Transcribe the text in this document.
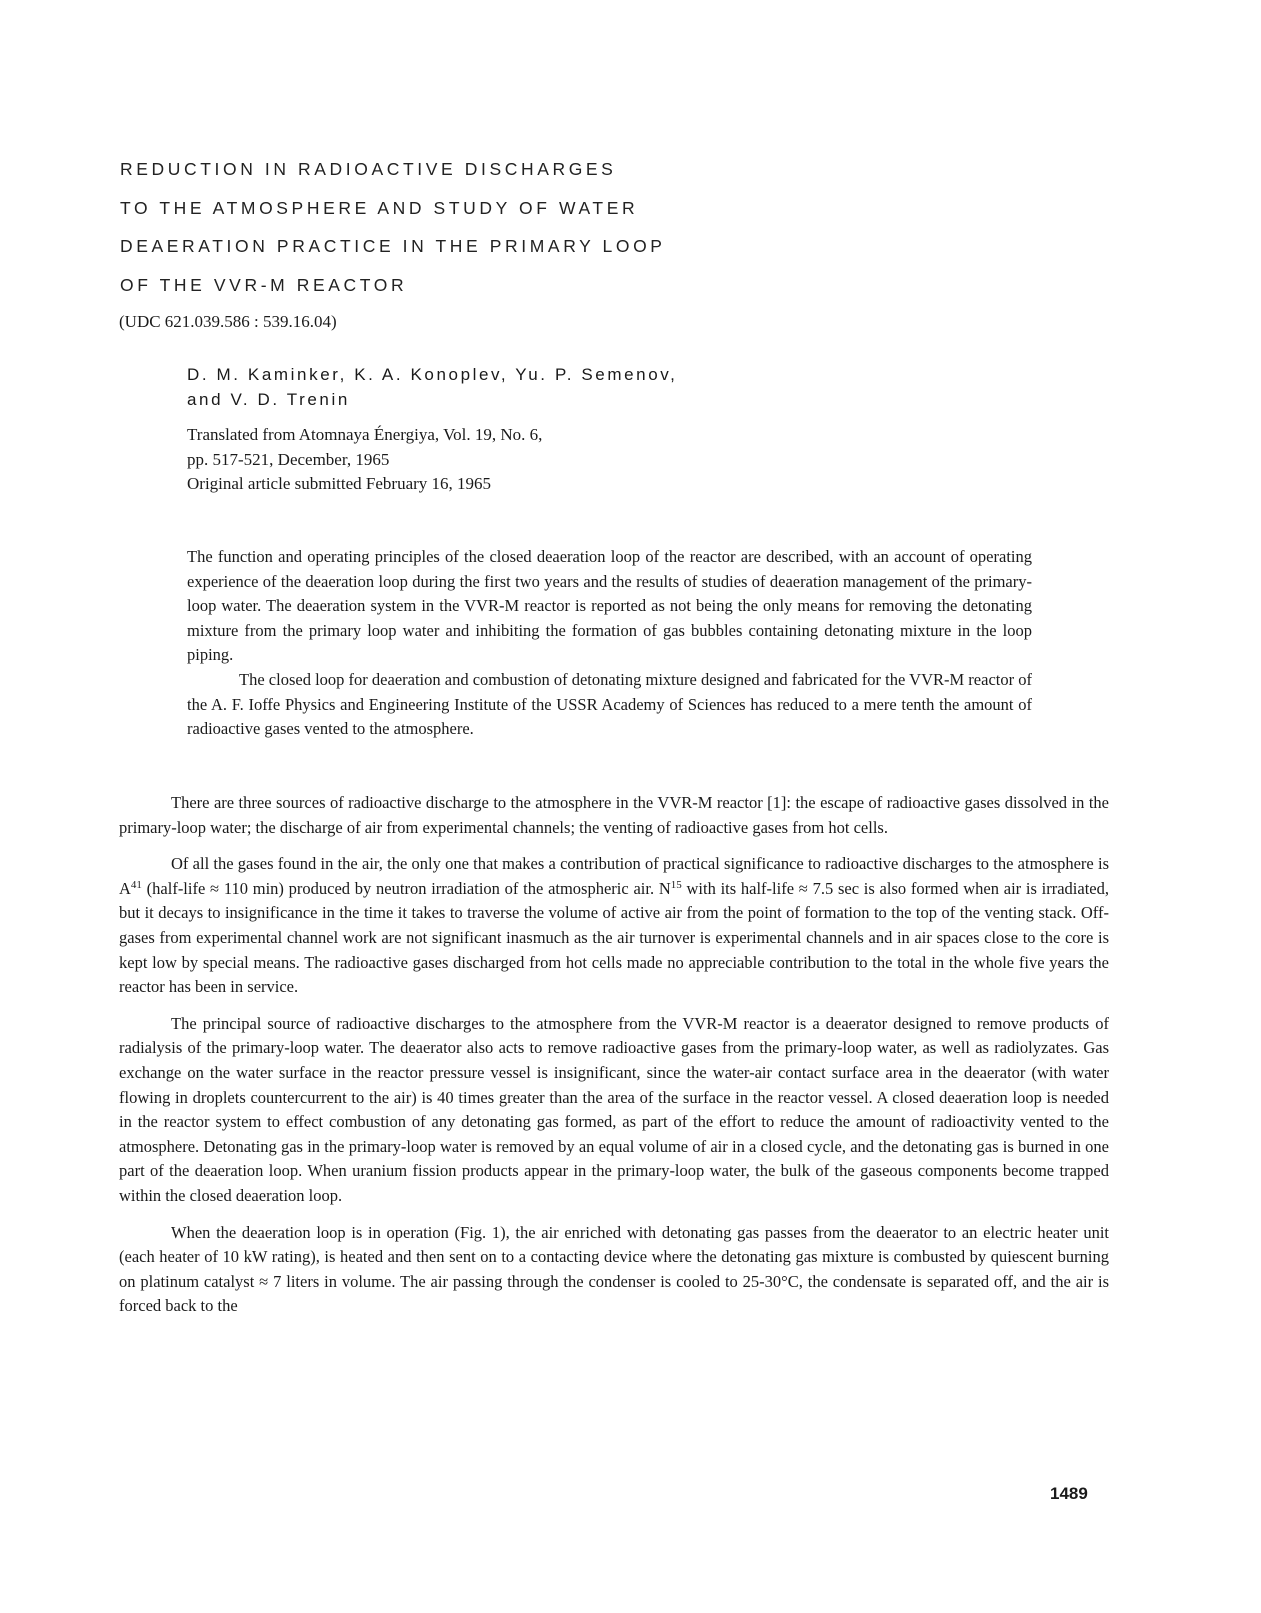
REDUCTION IN RADIOACTIVE DISCHARGES
TO THE ATMOSPHERE AND STUDY OF WATER
DEAERATION PRACTICE IN THE PRIMARY LOOP
OF THE VVR-M REACTOR
(UDC 621.039.586 : 539.16.04)
D. M. Kaminker, K. A. Konoplev, Yu. P. Semenov,
and V. D. Trenin
Translated from Atomnaya Énergiya, Vol. 19, No. 6,
pp. 517-521, December, 1965
Original article submitted February 16, 1965

The function and operating principles of the closed deaeration loop of the reactor are described, with an account of operating experience of the deaeration loop during the first two years and the results of studies of deaeration management of the primary-loop water. The deaeration system in the VVR-M reactor is reported as not being the only means for removing the detonating mixture from the primary loop water and inhibiting the formation of gas bubbles containing detonating mixture in the loop piping.

The closed loop for deaeration and combustion of detonating mixture designed and fabricated for the VVR-M reactor of the A. F. Ioffe Physics and Engineering Institute of the USSR Academy of Sciences has reduced to a mere tenth the amount of radioactive gases vented to the atmosphere.

There are three sources of radioactive discharge to the atmosphere in the VVR-M reactor [1]: the escape of radioactive gases dissolved in the primary-loop water; the discharge of air from experimental channels; the venting of radioactive gases from hot cells.

Of all the gases found in the air, the only one that makes a contribution of practical significance to radioactive discharges to the atmosphere is $A^{41}$ (half-life ≈ 110 min) produced by neutron irradiation of the atmospheric air. $N^{15}$ with its half-life ≈ 7.5 sec is also formed when air is irradiated, but it decays to insignificance in the time it takes to traverse the volume of active air from the point of formation to the top of the venting stack. Off-gases from experimental channel work are not significant inasmuch as the air turnover is experimental channels and in air spaces close to the core is kept low by special means. The radioactive gases discharged from hot cells made no appreciable contribution to the total in the whole five years the reactor has been in service.

The principal source of radioactive discharges to the atmosphere from the VVR-M reactor is a deaerator designed to remove products of radialysis of the primary-loop water. The deaerator also acts to remove radioactive gases from the primary-loop water, as well as radiolyzates. Gas exchange on the water surface in the reactor pressure vessel is insignificant, since the water-air contact surface area in the deaerator (with water flowing in droplets countercurrent to the air) is 40 times greater than the area of the surface in the reactor vessel. A closed deaeration loop is needed in the reactor system to effect combustion of any detonating gas formed, as part of the effort to reduce the amount of radioactivity vented to the atmosphere. Detonating gas in the primary-loop water is removed by an equal volume of air in a closed cycle, and the detonating gas is burned in one part of the deaeration loop. When uranium fission products appear in the primary-loop water, the bulk of the gaseous components become trapped within the closed deaeration loop.

When the deaeration loop is in operation (Fig. 1), the air enriched with detonating gas passes from the deaerator to an electric heater unit (each heater of 10 kW rating), is heated and then sent on to a contacting device where the detonating gas mixture is combusted by quiescent burning on platinum catalyst ≈ 7 liters in volume. The air passing through the condenser is cooled to 25-30°C, the condensate is separated off, and the air is forced back to the

1489
